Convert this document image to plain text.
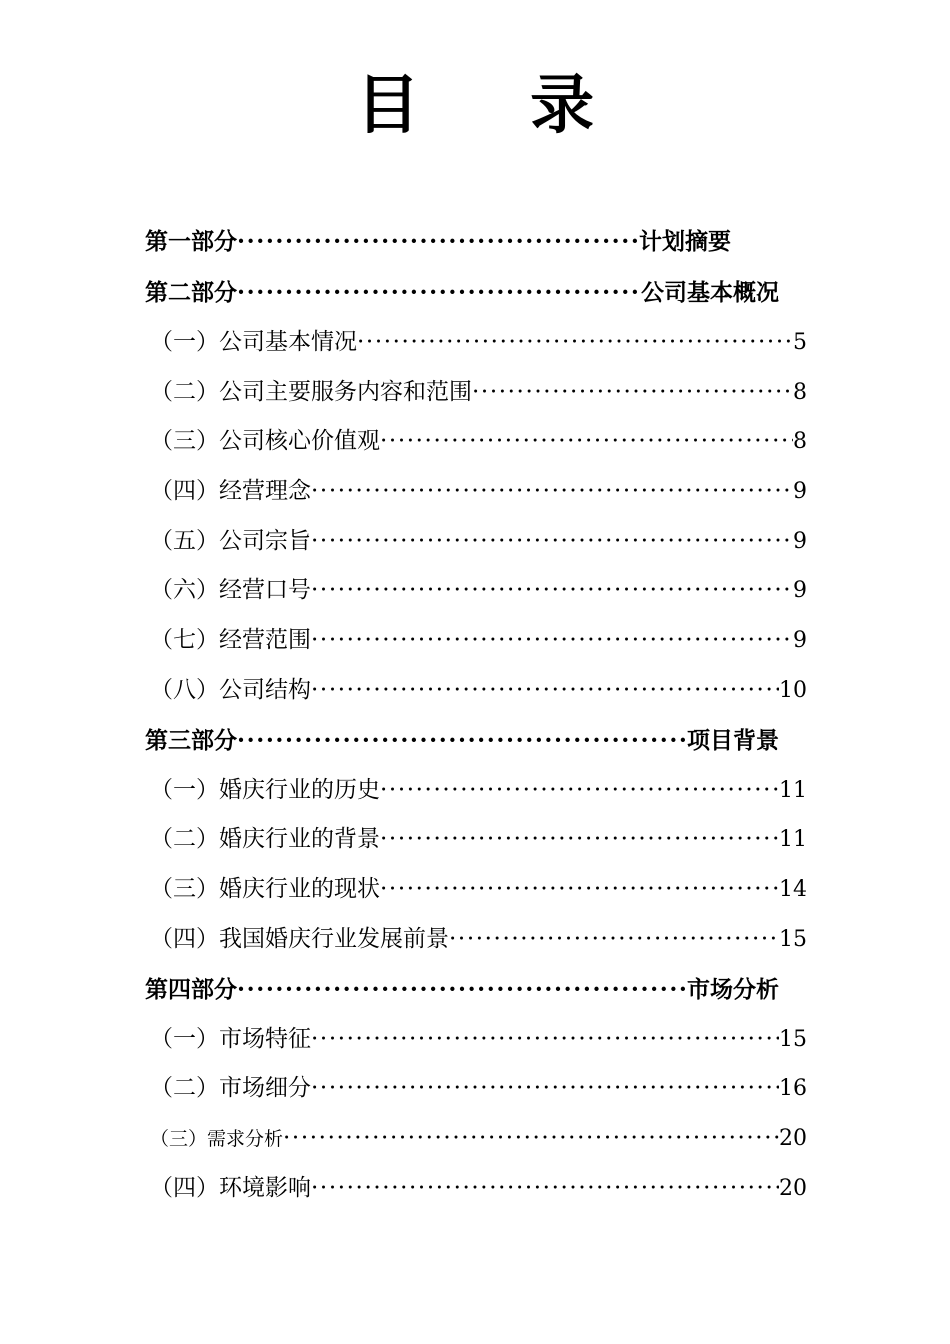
目 录
第一部分 ·····	计划摘要
第二部分 ·····	公司基本概况
（一）公司基本情况 ·····	5
（二）公司主要服务内容和范围 ·····	8
（三）公司核心价值观 ·····	8
（四）经营理念 ·····	9
（五）公司宗旨 ·····	9
（六）经营口号 ·····	9
（七）经营范围 ·····	9
（八）公司结构 ·····	10
第三部分 ·····	项目背景
（一）婚庆行业的历史 ·····	11
（二）婚庆行业的背景 ·····	11
（三）婚庆行业的现状 ·····	14
（四）我国婚庆行业发展前景 ·····	15
第四部分 ·····	市场分析
（一）市场特征 ·····	15
（二）市场细分 ·····	16
（三）需求分析 ·····	20
（四）环境影响 ·····	20
